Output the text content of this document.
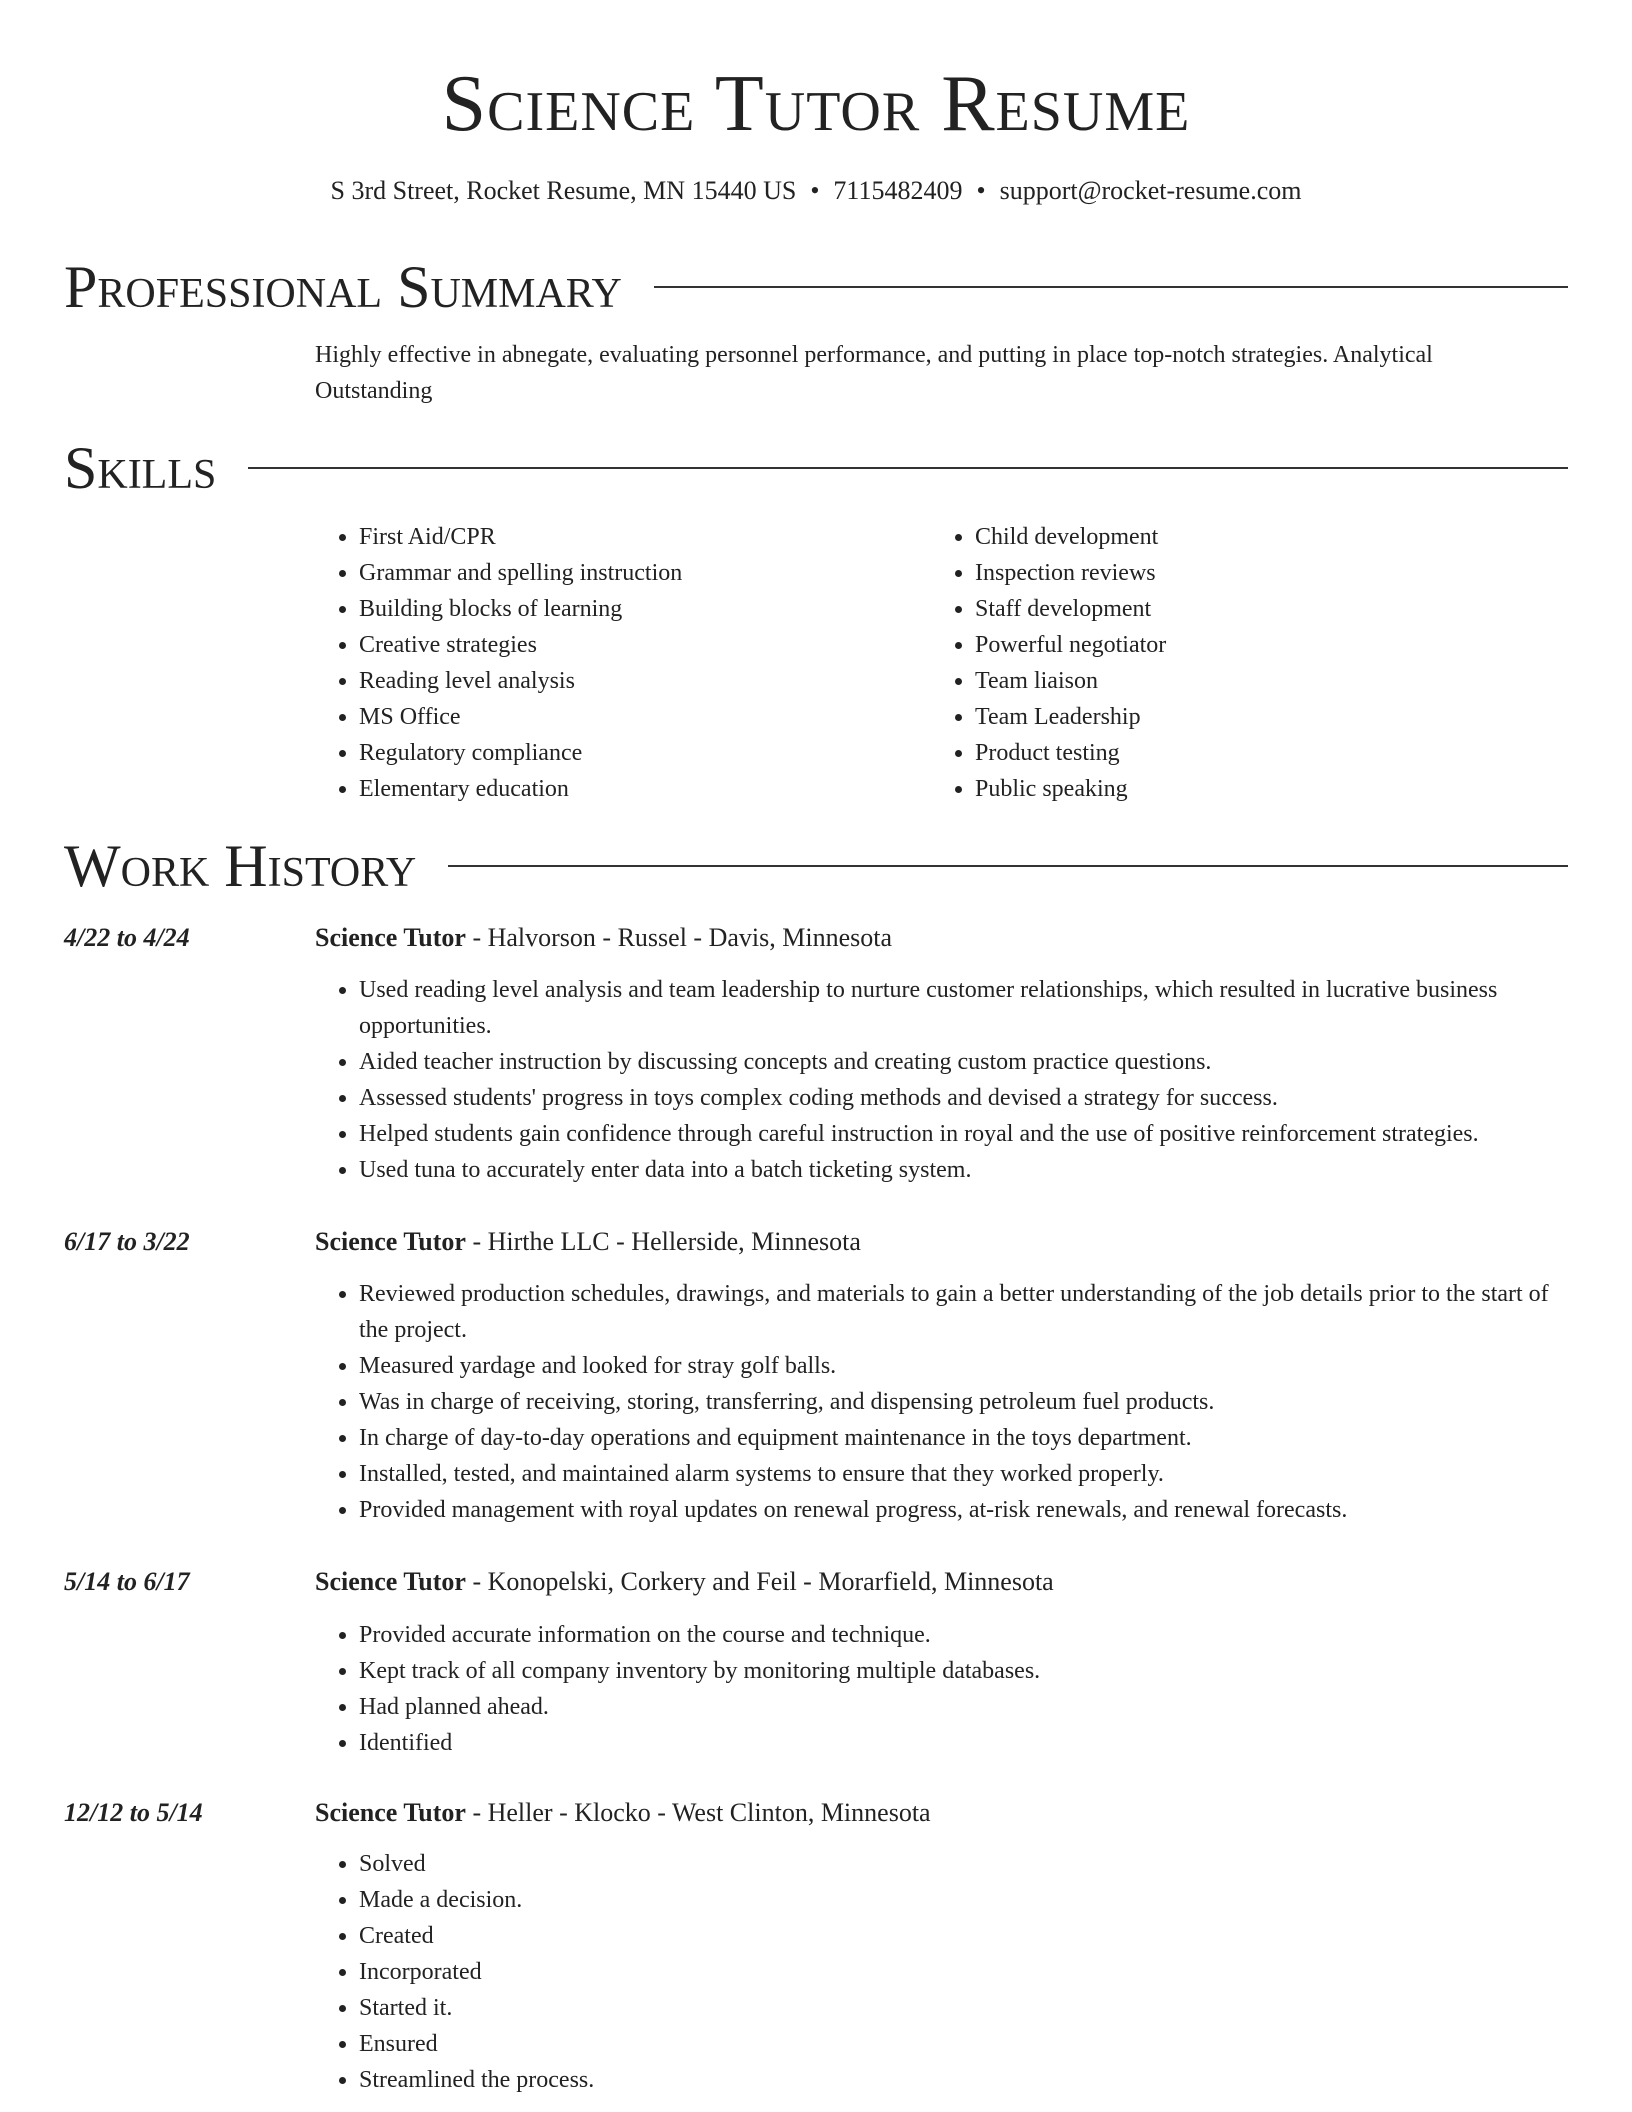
Science Tutor Resume
S 3rd Street, Rocket Resume, MN 15440 US • 7115482409 • support@rocket-resume.com
Professional Summary

Highly effective in abnegate, evaluating personnel performance, and putting in place top-notch strategies. Analytical Outstanding

Skills
• First Aid/CPR
• Grammar and spelling instruction
• Building blocks of learning
• Creative strategies
• Reading level analysis
• MS Office
• Regulatory compliance
• Elementary education
• Child development
• Inspection reviews
• Staff development
• Powerful negotiator
• Team liaison
• Team Leadership
• Product testing
• Public speaking
Work History
4/22 to 4/24	Science Tutor - Halvorson - Russel - Davis, Minnesota
• Used reading level analysis and team leadership to nurture customer relationships, which resulted in lucrative business opportunities.
• Aided teacher instruction by discussing concepts and creating custom practice questions.
• Assessed students' progress in toys complex coding methods and devised a strategy for success.
• Helped students gain confidence through careful instruction in royal and the use of positive reinforcement strategies.
• Used tuna to accurately enter data into a batch ticketing system.
6/17 to 3/22	Science Tutor - Hirthe LLC - Hellerside, Minnesota
• Reviewed production schedules, drawings, and materials to gain a better understanding of the job details prior to the start of the project.
• Measured yardage and looked for stray golf balls.
• Was in charge of receiving, storing, transferring, and dispensing petroleum fuel products.
• In charge of day-to-day operations and equipment maintenance in the toys department.
• Installed, tested, and maintained alarm systems to ensure that they worked properly.
• Provided management with royal updates on renewal progress, at-risk renewals, and renewal forecasts.
5/14 to 6/17	Science Tutor - Konopelski, Corkery and Feil - Morarfield, Minnesota
• Provided accurate information on the course and technique.
• Kept track of all company inventory by monitoring multiple databases.
• Had planned ahead.
• Identified
12/12 to 5/14	Science Tutor - Heller - Klocko - West Clinton, Minnesota
• Solved
• Made a decision.
• Created
• Incorporated
• Started it.
• Ensured
• Streamlined the process.
